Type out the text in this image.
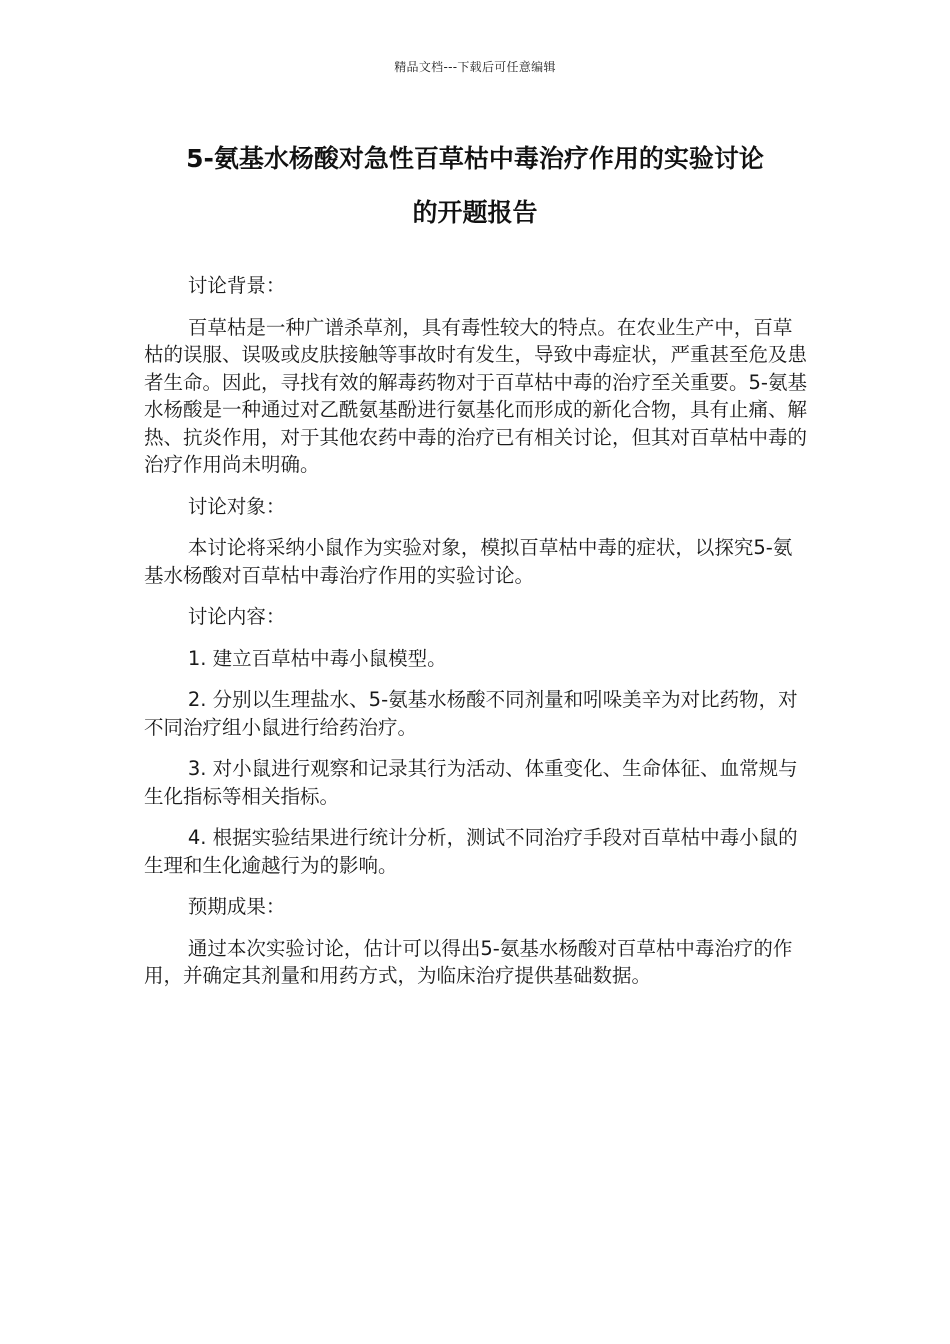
精品文档---下载后可任意编辑
5-氨基水杨酸对急性百草枯中毒治疗作用的实验讨论
的开题报告

讨论背景：

百草枯是一种广谱杀草剂，具有毒性较大的特点。在农业生产中，百草枯的误服、误吸或皮肤接触等事故时有发生，导致中毒症状，严重甚至危及患者生命。因此，寻找有效的解毒药物对于百草枯中毒的治疗至关重要。5-氨基水杨酸是一种通过对乙酰氨基酚进行氨基化而形成的新化合物，具有止痛、解热、抗炎作用，对于其他农药中毒的治疗已有相关讨论，但其对百草枯中毒的治疗作用尚未明确。

讨论对象：

本讨论将采纳小鼠作为实验对象，模拟百草枯中毒的症状，以探究5-氨基水杨酸对百草枯中毒治疗作用的实验讨论。

讨论内容：

1. 建立百草枯中毒小鼠模型。

2. 分别以生理盐水、5-氨基水杨酸不同剂量和吲哚美辛为对比药物，对不同治疗组小鼠进行给药治疗。

3. 对小鼠进行观察和记录其行为活动、体重变化、生命体征、血常规与生化指标等相关指标。

4. 根据实验结果进行统计分析，测试不同治疗手段对百草枯中毒小鼠的生理和生化逾越行为的影响。

预期成果：

通过本次实验讨论，估计可以得出5-氨基水杨酸对百草枯中毒治疗的作用，并确定其剂量和用药方式，为临床治疗提供基础数据。
